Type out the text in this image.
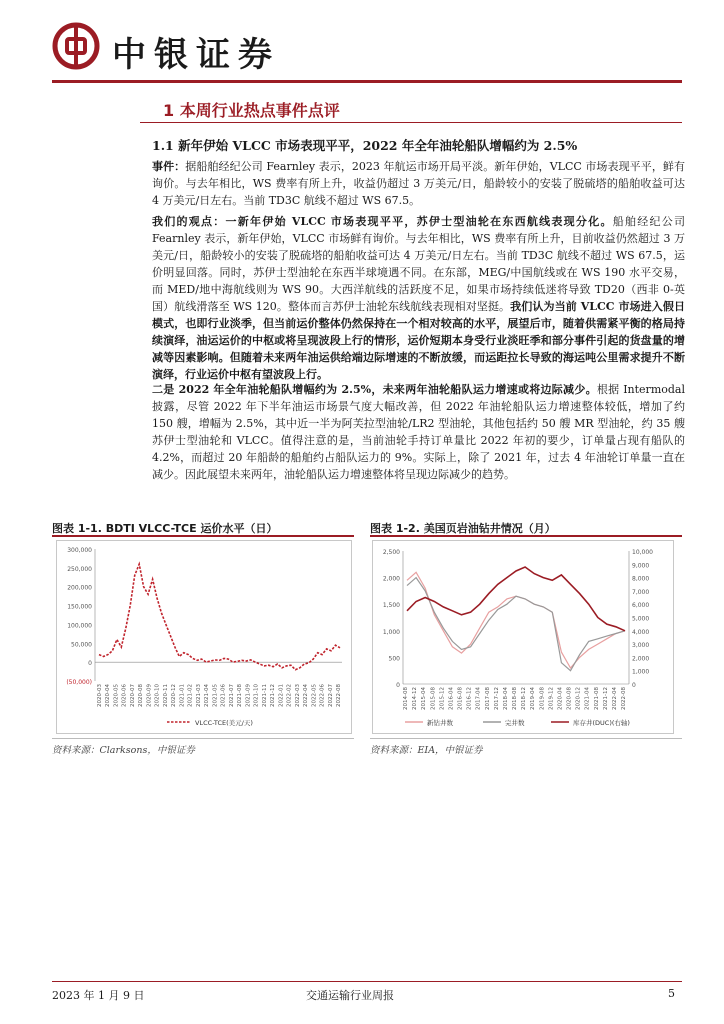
中银证券
1 本周行业热点事件点评
1.1 新年伊始 VLCC 市场表现平平，2022 年全年油轮船队增幅约为 2.5%
事件：据船舶经纪公司 Fearnley 表示，2023 年航运市场开局平淡。新年伊始，VLCC 市场表现平平，鲜有询价。与去年相比，WS 费率有所上升，收益仍超过 3 万美元/日，船龄较小的安装了脱硫塔的船舶收益可达 4 万美元/日左右。当前 TD3C 航线不超过 WS 67.5。
我们的观点：一新年伊始 VLCC 市场表现平平，苏伊士型油轮在东西航线表现分化。船舶经纪公司 Fearnley 表示，新年伊始，VLCC 市场鲜有询价。与去年相比，WS 费率有所上升，目前收益仍然超过 3 万美元/日，船龄较小的安装了脱硫塔的船舶收益可达 4 万美元/日左右。当前 TD3C 航线不超过 WS 67.5，运价明显回落。同时，苏伊士型油轮在东西半球境遇不同。在东部，MEG/中国航线或在 WS 190 水平交易，而 MED/地中海航线则为 WS 90。大西洋航线的活跃度不足，如果市场持续低迷将导致 TD20（西非 0-英国）航线滑落至 WS 120。整体而言苏伊士油轮东线航线表现相对坚挺。我们认为当前 VLCC 市场进入假日模式，也即行业淡季，但当前运价整体仍然保持在一个相对较高的水平，展望后市，随着供需紧平衡的格局持续演绎，油运运价的中枢或将呈现波段上行的情形，运价短期本身受行业淡旺季和部分事件引起的货盘量的增减等因素影响。但随着未来两年油运供给端边际增速的不断放缓，而运距拉长导致的海运吨公里需求提升不断演绎，行业运价中枢有望波段上行。
二是 2022 年全年油轮船队增幅约为 2.5%，未来两年油轮船队运力增速或将边际减少。根据 Intermodal 披露，尽管 2022 年下半年油运市场景气度大幅改善，但 2022 年油轮船队运力增速整体较低，增加了约 150 艘，增幅为 2.5%，其中近一半为阿芙拉型油轮/LR2 型油轮，其他包括约 50 艘 MR 型油轮，约 35 艘苏伊士型油轮和 VLCC。值得注意的是，当前油轮手持订单量比 2022 年初的要少，订单量占现有船队的 4.2%，而超过 20 年船龄的船舶约占船队运力的 9%。实际上，除了 2021 年，过去 4 年油轮订单量一直在减少。因此展望未来两年，油轮船队运力增速整体将呈现边际减少的趋势。
图表 1-1. BDTI VLCC-TCE 运价水平（日）
300,000
250,000
200,000
150,000
100,000
50,000
0
(50,000)
2020-03 2020-04 2020-05 2020-06 2020-07 2020-08 2020-09 2020-10 2020-11 2020-12 2021-01 2021-02 2021-03 2021-04 2021-05 2021-06 2021-07 2021-08 2021-09 2021-10 2021-11 2021-12 2022-01 2022-02 2022-03 2022-04 2022-05 2022-06 2022-07 2022-08
VLCC-TCE(美元/天)
资料来源：Clarksons，中银证券
图表 1-2. 美国页岩油钻井情况（月）
2,500
2,000
1,500
1,000
500
0
10,000
9,000
8,000
7,000
6,000
5,000
4,000
3,000
2,000
1,000
0
2014-08 2014-12 2015-04 2015-08 2015-12 2016-04 2016-08 2016-12 2017-04 2017-08 2017-12 2018-04 2018-08 2018-12 2019-04 2019-08 2019-12 2020-04 2020-08 2020-12 2021-04 2021-08 2021-12 2022-04 2022-08
新钻井数	完井数	库存井(DUC)(右轴)
资料来源：EIA，中银证券
2023 年 1 月 9 日	交通运输行业周报	5
